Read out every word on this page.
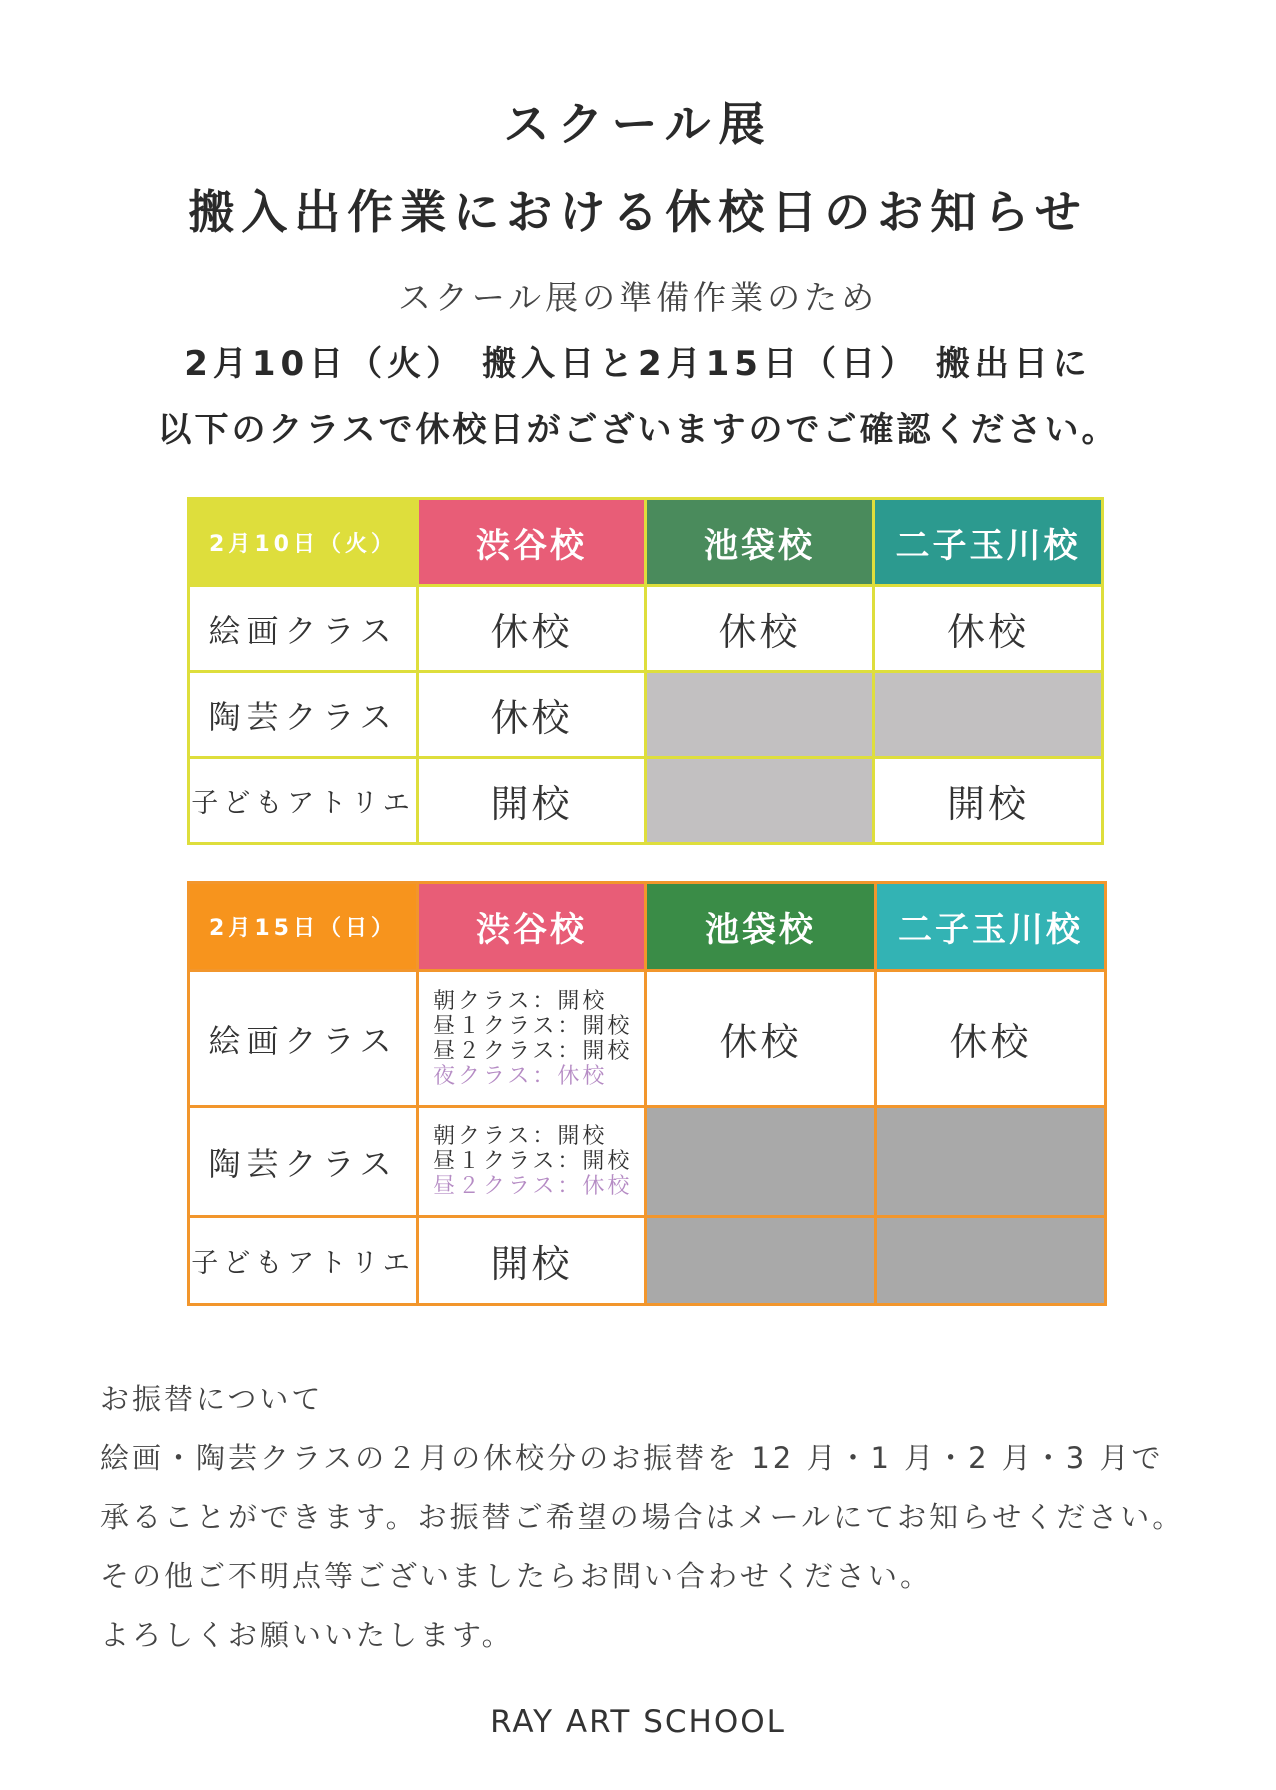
スクール展
搬入出作業における休校日のお知らせ
スクール展の準備作業のため
2月10日（火） 搬入日と2月15日（日） 搬出日に
以下のクラスで休校日がございますのでご確認ください。
2月10日（火）	渋谷校	池袋校	二子玉川校
絵画クラス	休校	休校	休校
陶芸クラス	休校		
子どもアトリエ	開校		開校
2月15日（日）	渋谷校	池袋校	二子玉川校
絵画クラス	朝クラス：開校
昼１クラス：開校
昼２クラス：開校
夜クラス：休校	休校	休校
陶芸クラス	朝クラス：開校
昼１クラス：開校
昼２クラス：休校		

子どもアトリエ	開校		

お振替について

絵画・陶芸クラスの２月の休校分のお振替を 12 月・1 月・2 月・3 月で

承ることができます。お振替ご希望の場合はメールにてお知らせください。

その他ご不明点等ございましたらお問い合わせください。

よろしくお願いいたします。

RAY ART SCHOOL
